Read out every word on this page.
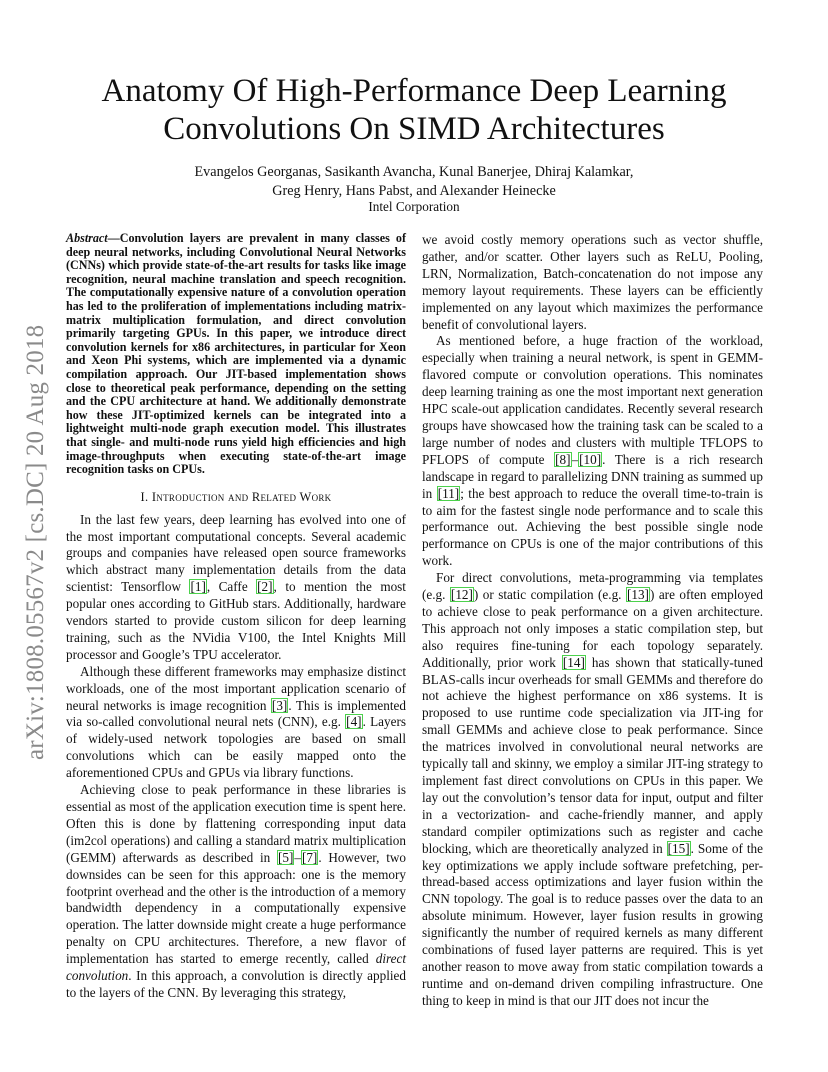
Anatomy Of High-Performance Deep Learning
Convolutions On SIMD Architectures
Evangelos Georganas, Sasikanth Avancha, Kunal Banerjee, Dhiraj Kalamkar,
Greg Henry, Hans Pabst, and Alexander Heinecke
Intel Corporation
arXiv:1808.05567v2 [cs.DC] 20 Aug 2018

Abstract—Convolution layers are prevalent in many classes of deep neural networks, including Convolutional Neural Networks (CNNs) which provide state-of-the-art results for tasks like image recognition, neural machine translation and speech recognition. The computationally expensive nature of a convolution operation has led to the proliferation of implementations including matrix-matrix multiplication formulation, and direct convolution primarily targeting GPUs. In this paper, we introduce direct convolution kernels for x86 architectures, in particular for Xeon and Xeon Phi systems, which are implemented via a dynamic compilation approach. Our JIT-based implementation shows close to theoretical peak performance, depending on the setting and the CPU architecture at hand. We additionally demonstrate how these JIT-optimized kernels can be integrated into a lightweight multi-node graph execution model. This illustrates that single- and multi-node runs yield high efficiencies and high image-throughputs when executing state-of-the-art image recognition tasks on CPUs.

I. Introduction and Related Work

In the last few years, deep learning has evolved into one of the most important computational concepts. Several academic groups and companies have released open source frameworks which abstract many implementation details from the data scientist: Tensorflow [1], Caffe [2], to mention the most popular ones according to GitHub stars. Additionally, hardware vendors started to provide custom silicon for deep learning training, such as the NVidia V100, the Intel Knights Mill processor and Google’s TPU accelerator.

Although these different frameworks may emphasize distinct workloads, one of the most important application scenario of neural networks is image recognition [3]. This is implemented via so-called convolutional neural nets (CNN), e.g. [4]. Layers of widely-used network topologies are based on small convolutions which can be easily mapped onto the aforementioned CPUs and GPUs via library functions.

Achieving close to peak performance in these libraries is essential as most of the application execution time is spent here. Often this is done by flattening corresponding input data (im2col operations) and calling a standard matrix multiplication (GEMM) afterwards as described in [5]–[7]. However, two downsides can be seen for this approach: one is the memory footprint overhead and the other is the introduction of a memory bandwidth dependency in a computationally expensive operation. The latter downside might create a huge performance penalty on CPU architectures. Therefore, a new flavor of implementation has started to emerge recently, called direct convolution. In this approach, a convolution is directly applied to the layers of the CNN. By leveraging this strategy,

we avoid costly memory operations such as vector shuffle, gather, and/or scatter. Other layers such as ReLU, Pooling, LRN, Normalization, Batch-concatenation do not impose any memory layout requirements. These layers can be efficiently implemented on any layout which maximizes the performance benefit of convolutional layers.

As mentioned before, a huge fraction of the workload, especially when training a neural network, is spent in GEMM-flavored compute or convolution operations. This nominates deep learning training as one the most important next generation HPC scale-out application candidates. Recently several research groups have showcased how the training task can be scaled to a large number of nodes and clusters with multiple TFLOPS to PFLOPS of compute [8]–[10]. There is a rich research landscape in regard to parallelizing DNN training as summed up in [11]; the best approach to reduce the overall time-to-train is to aim for the fastest single node performance and to scale this performance out. Achieving the best possible single node performance on CPUs is one of the major contributions of this work.

For direct convolutions, meta-programming via templates (e.g. [12]) or static compilation (e.g. [13]) are often employed to achieve close to peak performance on a given architecture. This approach not only imposes a static compilation step, but also requires fine-tuning for each topology separately. Additionally, prior work [14] has shown that statically-tuned BLAS-calls incur overheads for small GEMMs and therefore do not achieve the highest performance on x86 systems. It is proposed to use runtime code specialization via JIT-ing for small GEMMs and achieve close to peak performance. Since the matrices involved in convolutional neural networks are typically tall and skinny, we employ a similar JIT-ing strategy to implement fast direct convolutions on CPUs in this paper. We lay out the convolution’s tensor data for input, output and filter in a vectorization- and cache-friendly manner, and apply standard compiler optimizations such as register and cache blocking, which are theoretically analyzed in [15]. Some of the key optimizations we apply include software prefetching, per-thread-based access optimizations and layer fusion within the CNN topology. The goal is to reduce passes over the data to an absolute minimum. However, layer fusion results in growing significantly the number of required kernels as many different combinations of fused layer patterns are required. This is yet another reason to move away from static compilation towards a runtime and on-demand driven compiling infrastructure. One thing to keep in mind is that our JIT does not incur the
